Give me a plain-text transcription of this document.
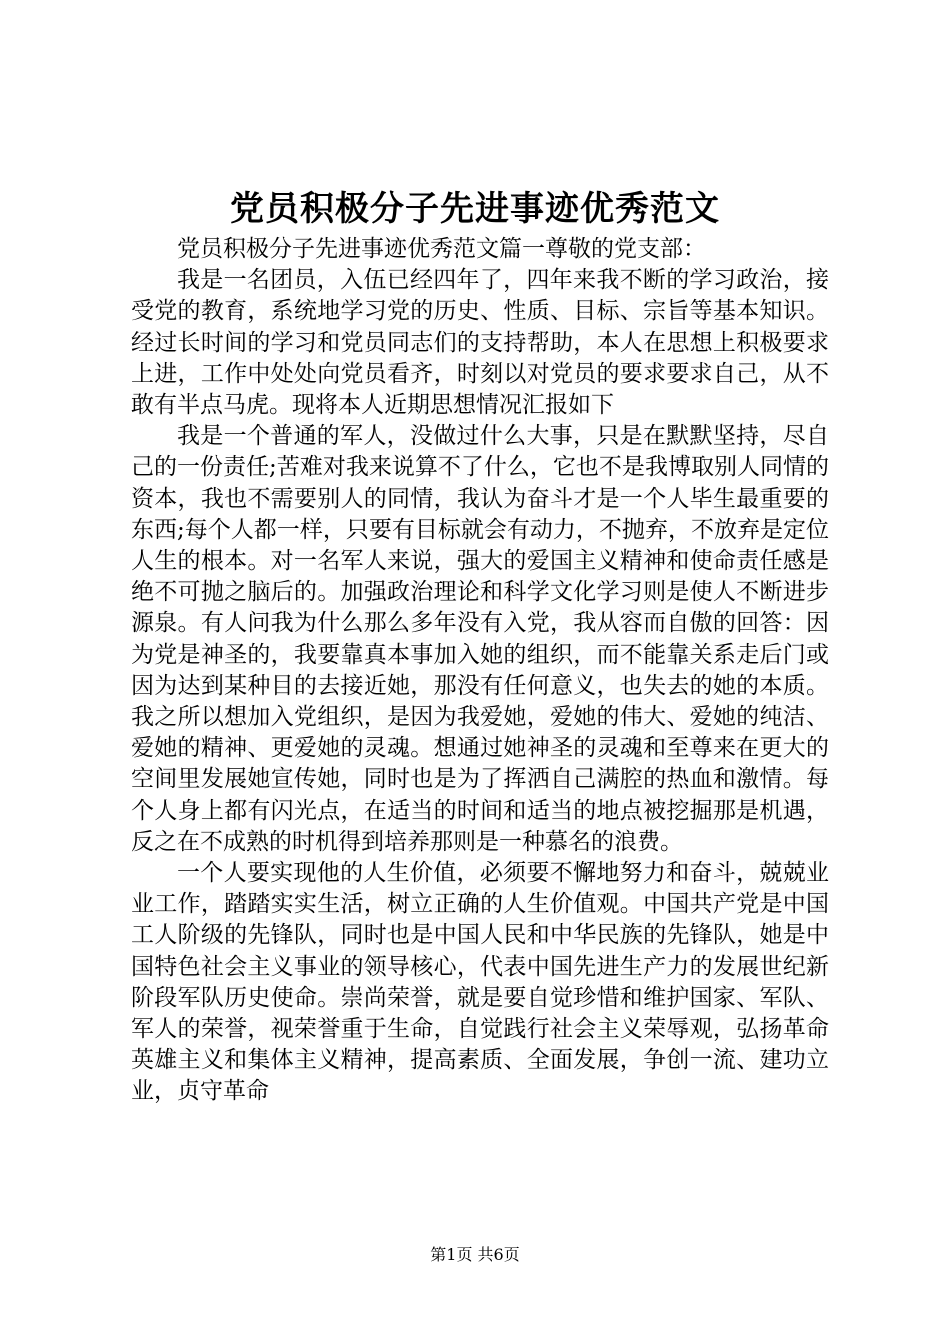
党员积极分子先进事迹优秀范文

党员积极分子先进事迹优秀范文篇一尊敬的党支部：

我是一名团员，入伍已经四年了，四年来我不断的学习政治，接受党的教育，系统地学习党的历史、性质、目标、宗旨等基本知识。经过长时间的学习和党员同志们的支持帮助，本人在思想上积极要求上进，工作中处处向党员看齐，时刻以对党员的要求要求自己，从不敢有半点马虎。现将本人近期思想情况汇报如下

我是一个普通的军人，没做过什么大事，只是在默默坚持，尽自己的一份责任;苦难对我来说算不了什么，它也不是我博取别人同情的资本，我也不需要别人的同情，我认为奋斗才是一个人毕生最重要的东西;每个人都一样，只要有目标就会有动力，不抛弃，不放弃是定位人生的根本。对一名军人来说，强大的爱国主义精神和使命责任感是绝不可抛之脑后的。加强政治理论和科学文化学习则是使人不断进步源泉。有人问我为什么那么多年没有入党，我从容而自傲的回答：因为党是神圣的，我要靠真本事加入她的组织，而不能靠关系走后门或因为达到某种目的去接近她，那没有任何意义，也失去的她的本质。我之所以想加入党组织，是因为我爱她，爱她的伟大、爱她的纯洁、爱她的精神、更爱她的灵魂。想通过她神圣的灵魂和至尊来在更大的空间里发展她宣传她，同时也是为了挥洒自己满腔的热血和激情。每个人身上都有闪光点，在适当的时间和适当的地点被挖掘那是机遇，反之在不成熟的时机得到培养那则是一种慕名的浪费。

一个人要实现他的人生价值，必须要不懈地努力和奋斗，兢兢业业工作，踏踏实实生活，树立正确的人生价值观。中国共产党是中国工人阶级的先锋队，同时也是中国人民和中华民族的先锋队，她是中国特色社会主义事业的领导核心，代表中国先进生产力的发展世纪新阶段军队历史使命。崇尚荣誉，就是要自觉珍惜和维护国家、军队、军人的荣誉，视荣誉重于生命，自觉践行社会主义荣辱观，弘扬革命英雄主义和集体主义精神，提高素质、全面发展，争创一流、建功立业，贞守革命

第1页 共6页
